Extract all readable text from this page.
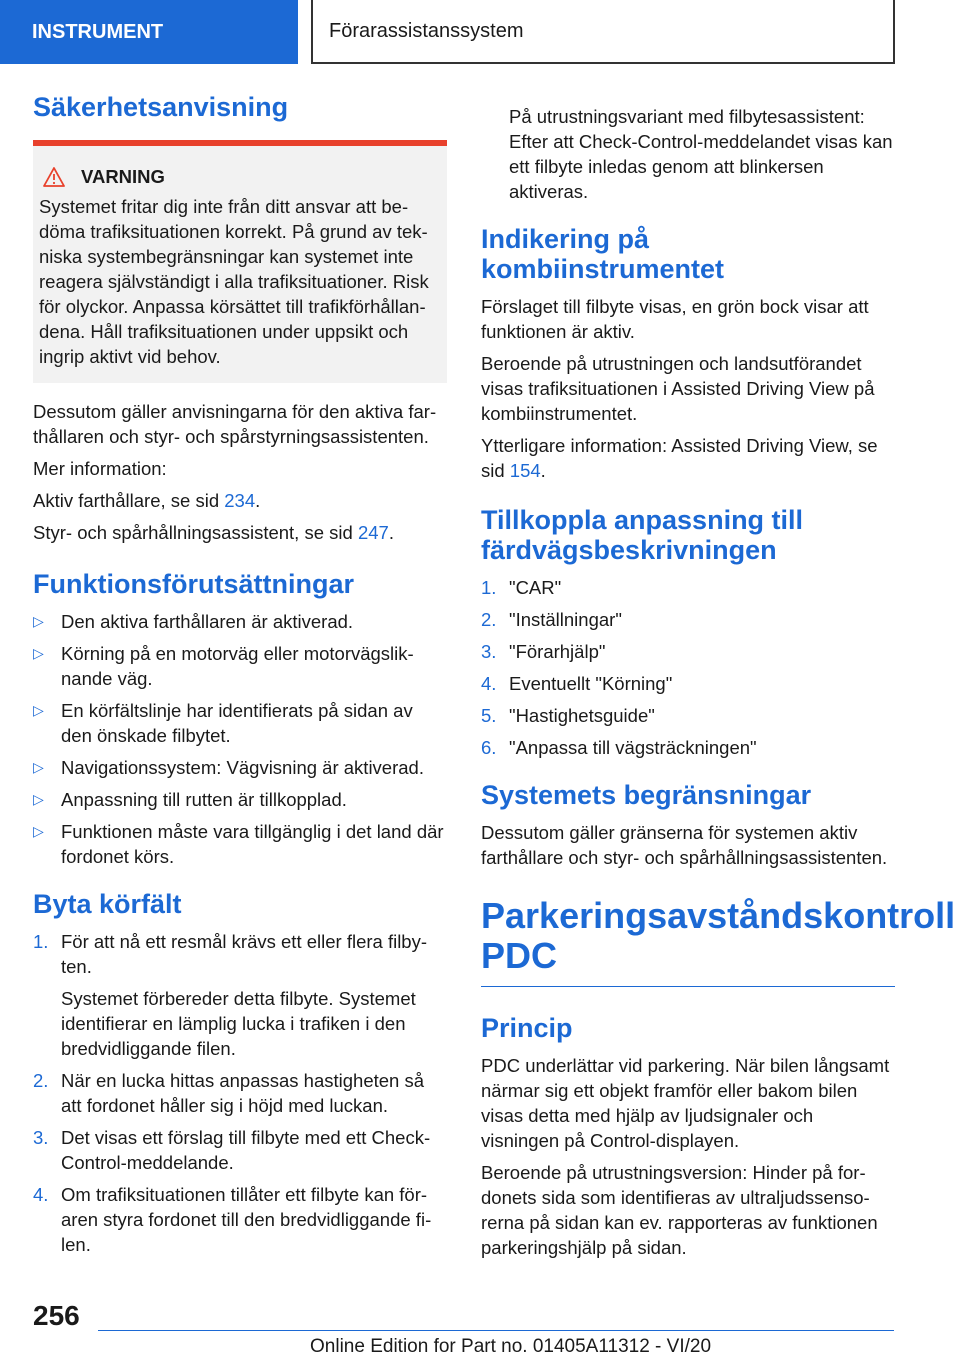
INSTRUMENT	Förarassistanssystem
Säkerhetsanvisning
VARNING

Systemet fritar dig inte från ditt ansvar att bedöma trafiksituationen korrekt. På grund av tekniska systembegränsningar kan systemet inte reagera självständigt i alla trafiksituationer. Risk för olyckor. Anpassa körsättet till trafikförhållandena. Håll trafiksituationen under uppsikt och ingrip aktivt vid behov.

Dessutom gäller anvisningarna för den aktiva farthållaren och styr- och spårstyrningsassistenten.

Mer information:

Aktiv farthållare, se sid 234.

Styr- och spårhållningsassistent, se sid 247.

Funktionsförutsättningar
▷ Den aktiva farthållaren är aktiverad.
▷ Körning på en motorväg eller motorvägsliknande väg.
▷ En körfältslinje har identifierats på sidan av den önskade filbytet.
▷ Navigationssystem: Vägvisning är aktiverad.
▷ Anpassning till rutten är tillkopplad.
▷ Funktionen måste vara tillgänglig i det land där fordonet körs.
Byta körfält
1. För att nå ett resmål krävs ett eller flera filbyten.

Systemet förbereder detta filbyte. Systemet identifierar en lämplig lucka i trafiken i den bredvidliggande filen.

2. När en lucka hittas anpassas hastigheten så att fordonet håller sig i höjd med luckan.
3. Det visas ett förslag till filbyte med ett Check-Control-meddelande.
4. Om trafiksituationen tillåter ett filbyte kan föraren styra fordonet till den bredvidliggande filen.

På utrustningsvariant med filbytesassistent: Efter att Check-Control-meddelandet visas kan ett filbyte inledas genom att blinkersen aktiveras.

Indikering på kombiinstrumentet

Förslaget till filbyte visas, en grön bock visar att funktionen är aktiv.

Beroende på utrustningen och landsutförandet visas trafiksituationen i Assisted Driving View på kombiinstrumentet.

Ytterligare information: Assisted Driving View, se sid 154.

Tillkoppla anpassning till färdvägsbeskrivningen
1. "CAR"
2. "Inställningar"
3. "Förarhjälp"
4. Eventuellt "Körning"
5. "Hastighetsguide"
6. "Anpassa till vägsträckningen"
Systemets begränsningar

Dessutom gäller gränserna för systemen aktiv farthållare och styr- och spårhållningsassistenten.

Parkeringsavståndskontroll PDC
Princip

PDC underlättar vid parkering. När bilen långsamt närmar sig ett objekt framför eller bakom bilen visas detta med hjälp av ljudsignaler och visningen på Control-displayen.

Beroende på utrustningsversion: Hinder på fordonets sida som identifieras av ultraljudssensorerna på sidan kan ev. rapporteras av funktionen parkeringshjälp på sidan.

256
Online Edition for Part no. 01405A11312 - VI/20
